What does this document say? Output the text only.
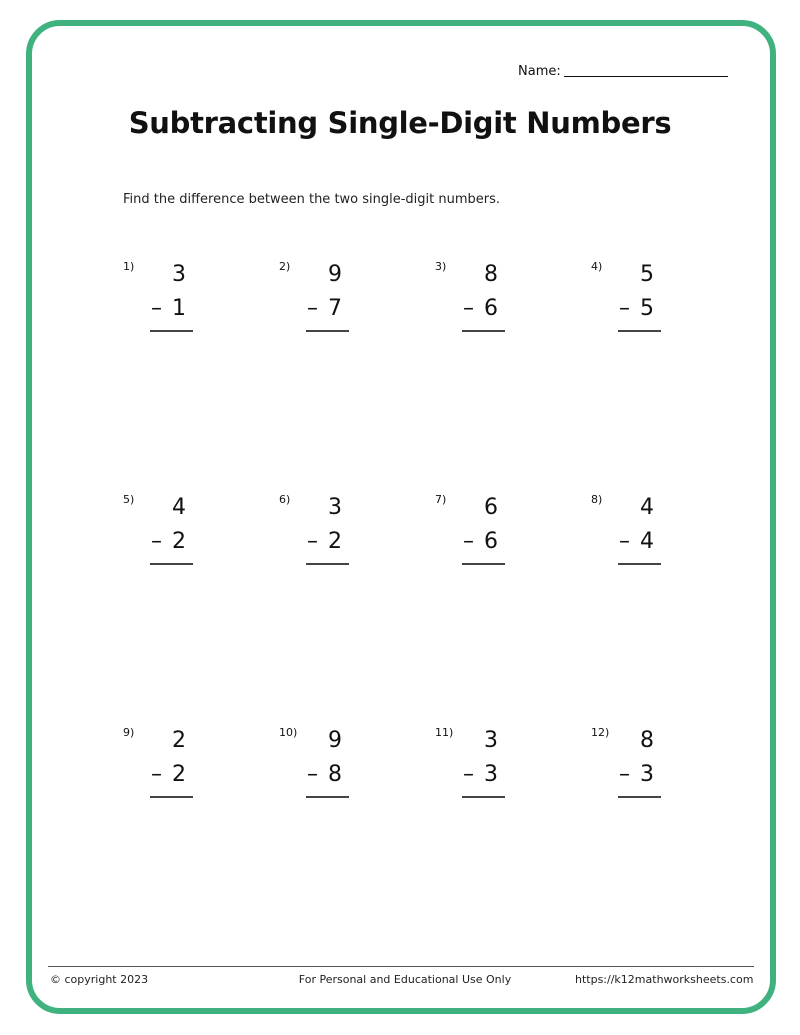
Name:
Subtracting Single-Digit Numbers
Find the difference between the two single-digit numbers.
1) 3
– 1
2) 9
– 7
3) 8
– 6
4) 5
– 5
5) 4
– 2
6) 3
– 2
7) 6
– 6
8) 4
– 4
9) 2
– 2
10) 9
– 8
11) 3
– 3
12) 8
– 3
© copyright 2023	For Personal and Educational Use Only	https://k12mathworksheets.com
